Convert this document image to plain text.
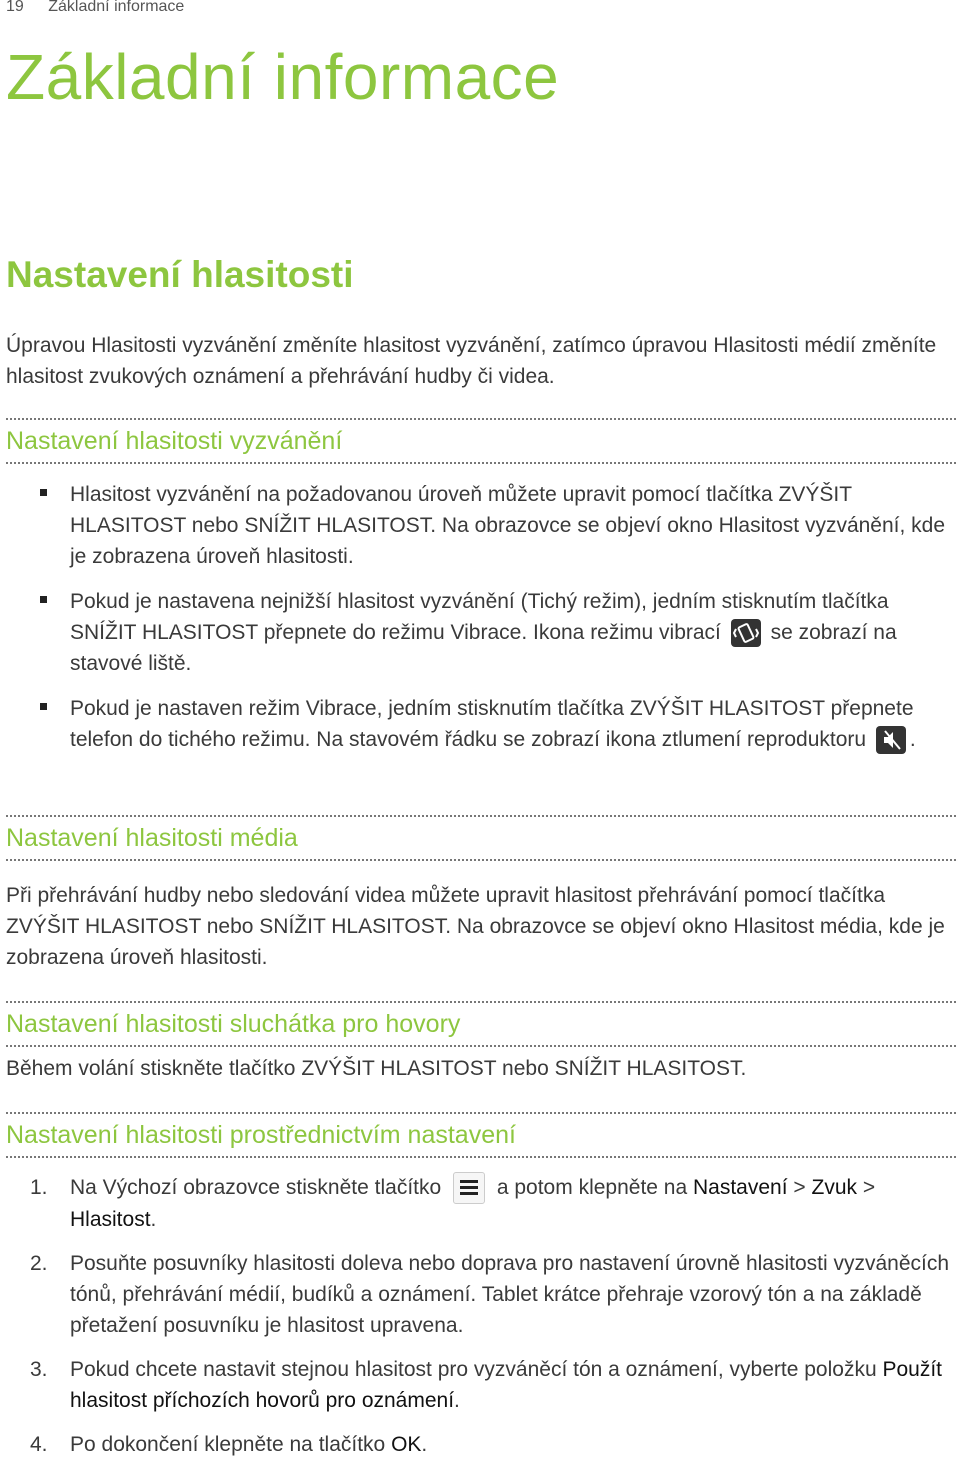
19 Základní informace
Základní informace
Nastavení hlasitosti
Úpravou Hlasitosti vyzvánění změníte hlasitost vyzvánění, zatímco úpravou Hlasitosti médií změníte hlasitost zvukových oznámení a přehrávání hudby či videa.
Nastavení hlasitosti vyzvánění
Hlasitost vyzvánění na požadovanou úroveň můžete upravit pomocí tlačítka ZVÝŠIT HLASITOST nebo SNÍŽIT HLASITOST. Na obrazovce se objeví okno Hlasitost vyzvánění, kde je zobrazena úroveň hlasitosti.
Pokud je nastavena nejnižší hlasitost vyzvánění (Tichý režim), jedním stisknutím tlačítka SNÍŽIT HLASITOST přepnete do režimu Vibrace. Ikona režimu vibrací
se zobrazí na stavové liště.
Pokud je nastaven režim Vibrace, jedním stisknutím tlačítka ZVÝŠIT HLASITOST přepnete telefon do tichého režimu. Na stavovém řádku se zobrazí ikona ztlumení reproduktoru
.
Nastavení hlasitosti média
Při přehrávání hudby nebo sledování videa můžete upravit hlasitost přehrávání pomocí tlačítka ZVÝŠIT HLASITOST nebo SNÍŽIT HLASITOST. Na obrazovce se objeví okno Hlasitost média, kde je zobrazena úroveň hlasitosti.
Nastavení hlasitosti sluchátka pro hovory
Během volání stiskněte tlačítko ZVÝŠIT HLASITOST nebo SNÍŽIT HLASITOST.
Nastavení hlasitosti prostřednictvím nastavení
1. Na Výchozí obrazovce stiskněte tlačítko
a potom klepněte na Nastavení > Zvuk > Hlasitost.
2. Posuňte posuvníky hlasitosti doleva nebo doprava pro nastavení úrovně hlasitosti vyzváněcích tónů, přehrávání médií, budíků a oznámení. Tablet krátce přehraje vzorový tón a na základě přetažení posuvníku je hlasitost upravena.
3. Pokud chcete nastavit stejnou hlasitost pro vyzváněcí tón a oznámení, vyberte položku Použít hlasitost příchozích hovorů pro oznámení.
4. Po dokončení klepněte na tlačítko OK.
